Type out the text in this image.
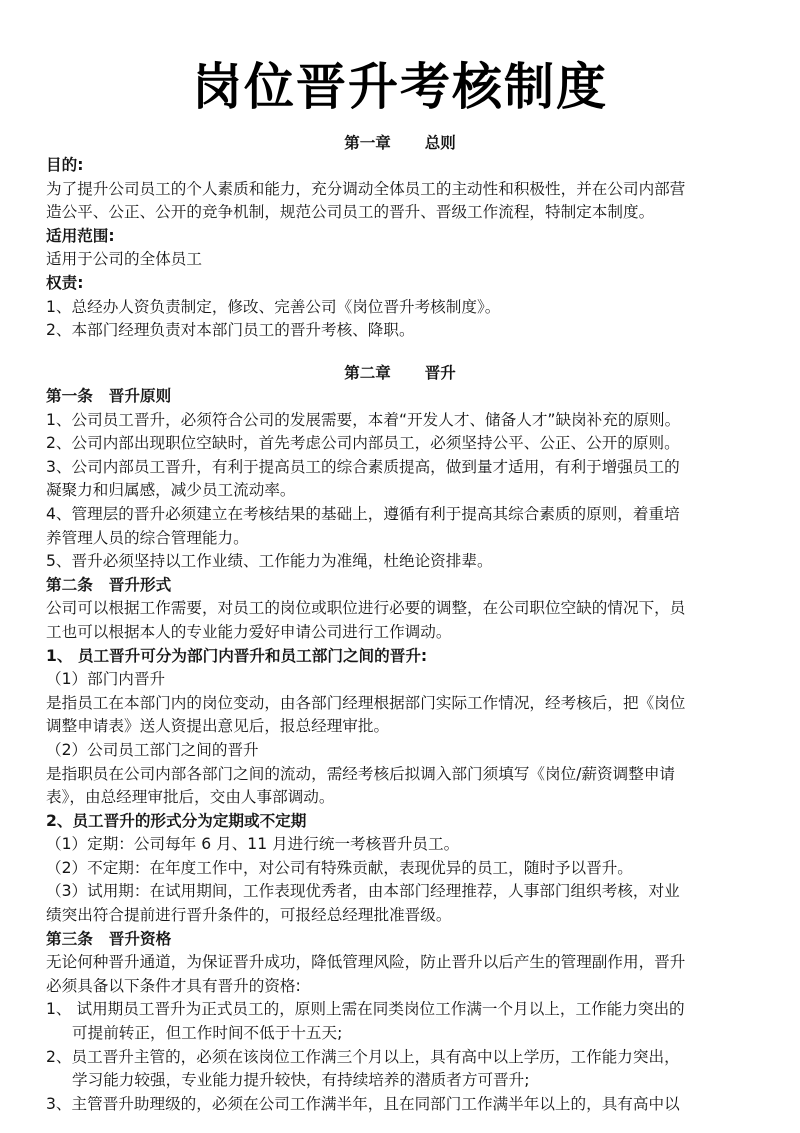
岗位晋升考核制度
第一章 总则
目的:
为了提升公司员工的个人素质和能力，充分调动全体员工的主动性和积极性，并在公司内部营
造公平、公正、公开的竞争机制，规范公司员工的晋升、晋级工作流程，特制定本制度。
适用范围:
适用于公司的全体员工
权责:
1、总经办人资负责制定，修改、完善公司《岗位晋升考核制度》。
2、本部门经理负责对本部门员工的晋升考核、降职。
第二章 晋升
第一条 晋升原则
1、公司员工晋升，必须符合公司的发展需要，本着“开发人才、储备人才”缺岗补充的原则。
2、公司内部出现职位空缺时，首先考虑公司内部员工，必须坚持公平、公正、公开的原则。
3、公司内部员工晋升，有利于提高员工的综合素质提高，做到量才适用，有利于增强员工的
凝聚力和归属感，减少员工流动率。
4、管理层的晋升必须建立在考核结果的基础上，遵循有利于提高其综合素质的原则，着重培
养管理人员的综合管理能力。
5、晋升必须坚持以工作业绩、工作能力为准绳，杜绝论资排辈。
第二条 晋升形式
公司可以根据工作需要，对员工的岗位或职位进行必要的调整，在公司职位空缺的情况下，员
工也可以根据本人的专业能力爱好申请公司进行工作调动。
1、 员工晋升可分为部门内晋升和员工部门之间的晋升:
（1）部门内晋升
是指员工在本部门内的岗位变动，由各部门经理根据部门实际工作情况，经考核后，把《岗位
调整申请表》送人资提出意见后，报总经理审批。
（2）公司员工部门之间的晋升
是指职员在公司内部各部门之间的流动，需经考核后拟调入部门须填写《岗位/薪资调整申请
表》，由总经理审批后，交由人事部调动。
2、员工晋升的形式分为定期或不定期
（1）定期：公司每年 6 月、11 月进行统一考核晋升员工。
（2）不定期：在年度工作中，对公司有特殊贡献，表现优异的员工，随时予以晋升。
（3）试用期：在试用期间，工作表现优秀者，由本部门经理推荐，人事部门组织考核，对业
绩突出符合提前进行晋升条件的，可报经总经理批准晋级。
第三条 晋升资格
无论何种晋升通道，为保证晋升成功，降低管理风险，防止晋升以后产生的管理副作用，晋升
必须具备以下条件才具有晋升的资格:
1、 试用期员工晋升为正式员工的，原则上需在同类岗位工作满一个月以上，工作能力突出的
可提前转正，但工作时间不低于十五天;
2、员工晋升主管的，必须在该岗位工作满三个月以上，具有高中以上学历，工作能力突出，
学习能力较强，专业能力提升较快，有持续培养的潜质者方可晋升;
3、主管晋升助理级的，必须在公司工作满半年，且在同部门工作满半年以上的，具有高中以
